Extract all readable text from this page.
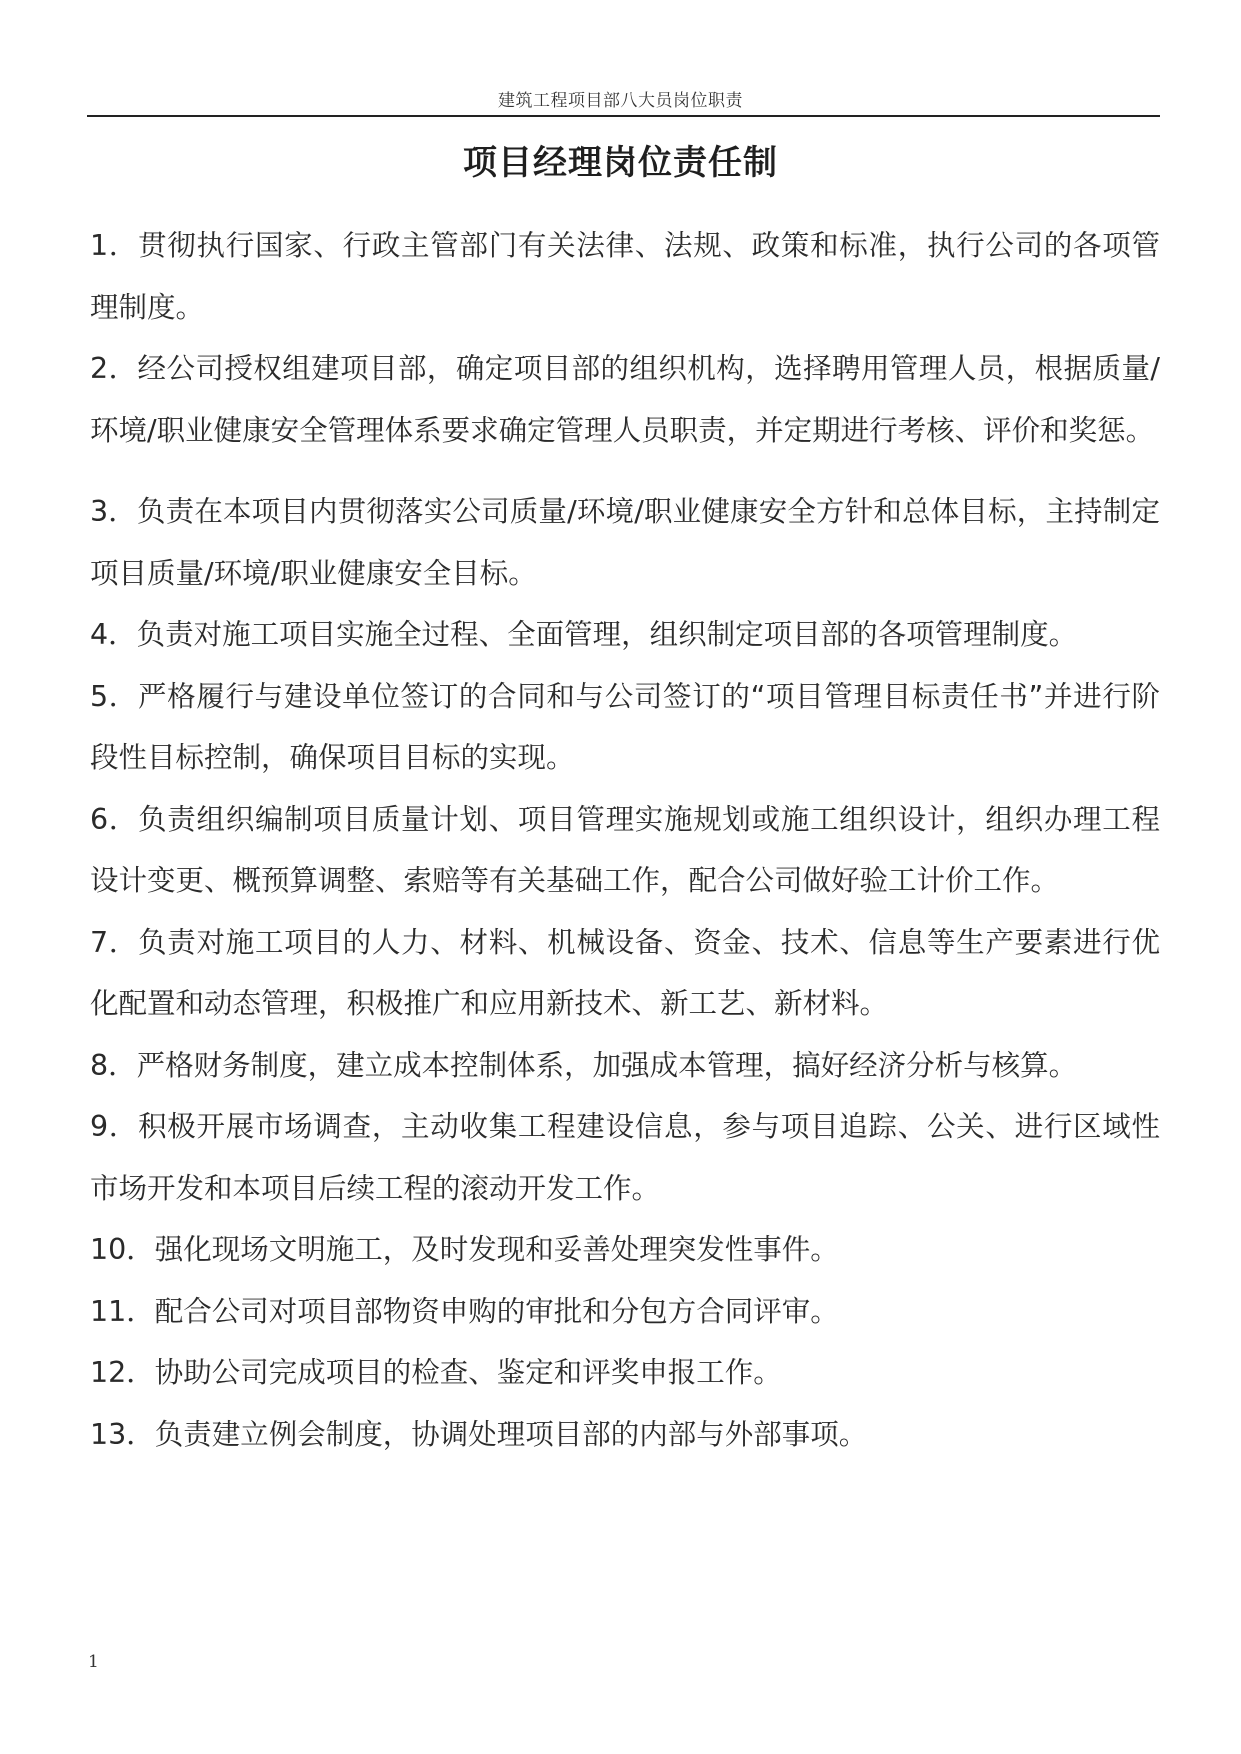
建筑工程项目部八大员岗位职责
项目经理岗位责任制
1．贯彻执行国家、行政主管部门有关法律、法规、政策和标准，执行公司的各项管理制度。
2．经公司授权组建项目部，确定项目部的组织机构，选择聘用管理人员，根据质量/环境/职业健康安全管理体系要求确定管理人员职责，并定期进行考核、评价和奖惩。
3．负责在本项目内贯彻落实公司质量/环境/职业健康安全方针和总体目标，主持制定项目质量/环境/职业健康安全目标。
4．负责对施工项目实施全过程、全面管理，组织制定项目部的各项管理制度。
5．严格履行与建设单位签订的合同和与公司签订的“项目管理目标责任书”并进行阶段性目标控制，确保项目目标的实现。
6．负责组织编制项目质量计划、项目管理实施规划或施工组织设计，组织办理工程设计变更、概预算调整、索赔等有关基础工作，配合公司做好验工计价工作。
7．负责对施工项目的人力、材料、机械设备、资金、技术、信息等生产要素进行优化配置和动态管理，积极推广和应用新技术、新工艺、新材料。
8．严格财务制度，建立成本控制体系，加强成本管理，搞好经济分析与核算。
9．积极开展市场调查，主动收集工程建设信息，参与项目追踪、公关、进行区域性市场开发和本项目后续工程的滚动开发工作。
10．强化现场文明施工，及时发现和妥善处理突发性事件。
11．配合公司对项目部物资申购的审批和分包方合同评审。
12．协助公司完成项目的检查、鉴定和评奖申报工作。
13．负责建立例会制度，协调处理项目部的内部与外部事项。
1
